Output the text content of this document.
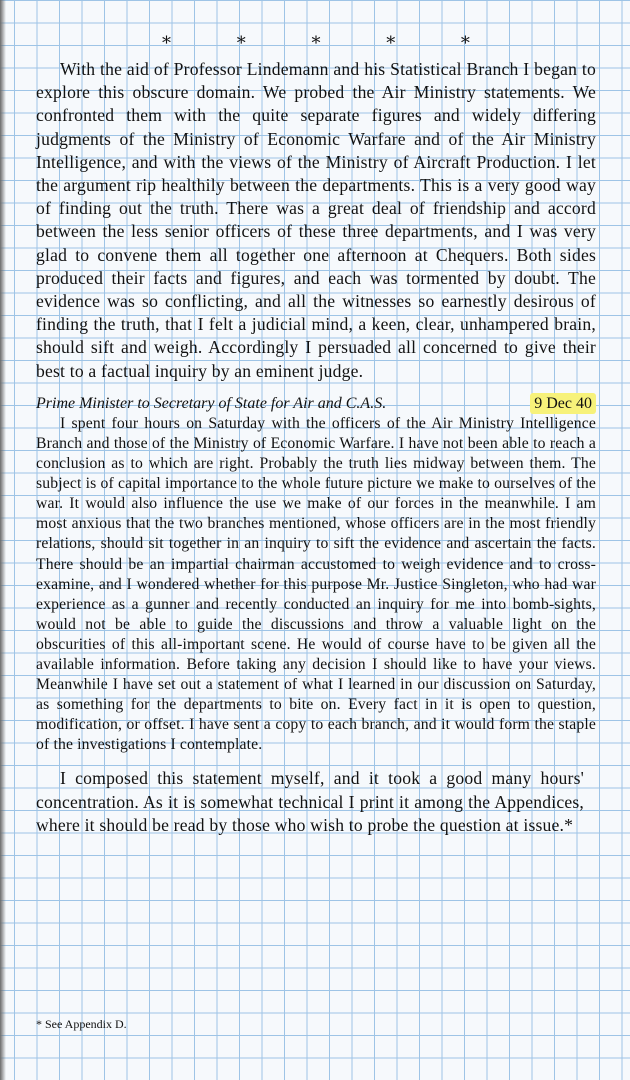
* * * * *

With the aid of Professor Lindemann and his Statistical Branch I began to explore this obscure domain. We probed the Air Ministry statements. We confronted them with the quite separate figures and widely differing judgments of the Ministry of Economic Warfare and of the Air Ministry Intelligence, and with the views of the Ministry of Aircraft Production. I let the argument rip healthily between the departments. This is a very good way of finding out the truth. There was a great deal of friendship and accord between the less senior officers of these three departments, and I was very glad to convene them all together one afternoon at Chequers. Both sides produced their facts and figures, and each was tormented by doubt. The evidence was so conflicting, and all the witnesses so earnestly desirous of finding the truth, that I felt a judicial mind, a keen, clear, unhampered brain, should sift and weigh. Accordingly I persuaded all concerned to give their best to a factual inquiry by an eminent judge.

Prime Minister to Secretary of State for Air and C.A.S.	9 Dec 40

I spent four hours on Saturday with the officers of the Air Ministry Intelligence Branch and those of the Ministry of Economic Warfare. I have not been able to reach a conclusion as to which are right. Probably the truth lies midway between them. The subject is of capital importance to the whole future picture we make to ourselves of the war. It would also influence the use we make of our forces in the meanwhile. I am most anxious that the two branches mentioned, whose officers are in the most friendly relations, should sit together in an inquiry to sift the evidence and ascertain the facts. There should be an impartial chairman accustomed to weigh evidence and to cross-examine, and I wondered whether for this purpose Mr. Justice Singleton, who had war experience as a gunner and recently conducted an inquiry for me into bomb-sights, would not be able to guide the discussions and throw a valuable light on the obscurities of this all-important scene. He would of course have to be given all the available information. Before taking any decision I should like to have your views. Meanwhile I have set out a statement of what I learned in our discussion on Saturday, as something for the departments to bite on. Every fact in it is open to question, modification, or offset. I have sent a copy to each branch, and it would form the staple of the investigations I contemplate.

I composed this statement myself, and it took a good many hours' concentration. As it is somewhat technical I print it among the Appendices, where it should be read by those who wish to probe the question at issue.*

* See Appendix D.
